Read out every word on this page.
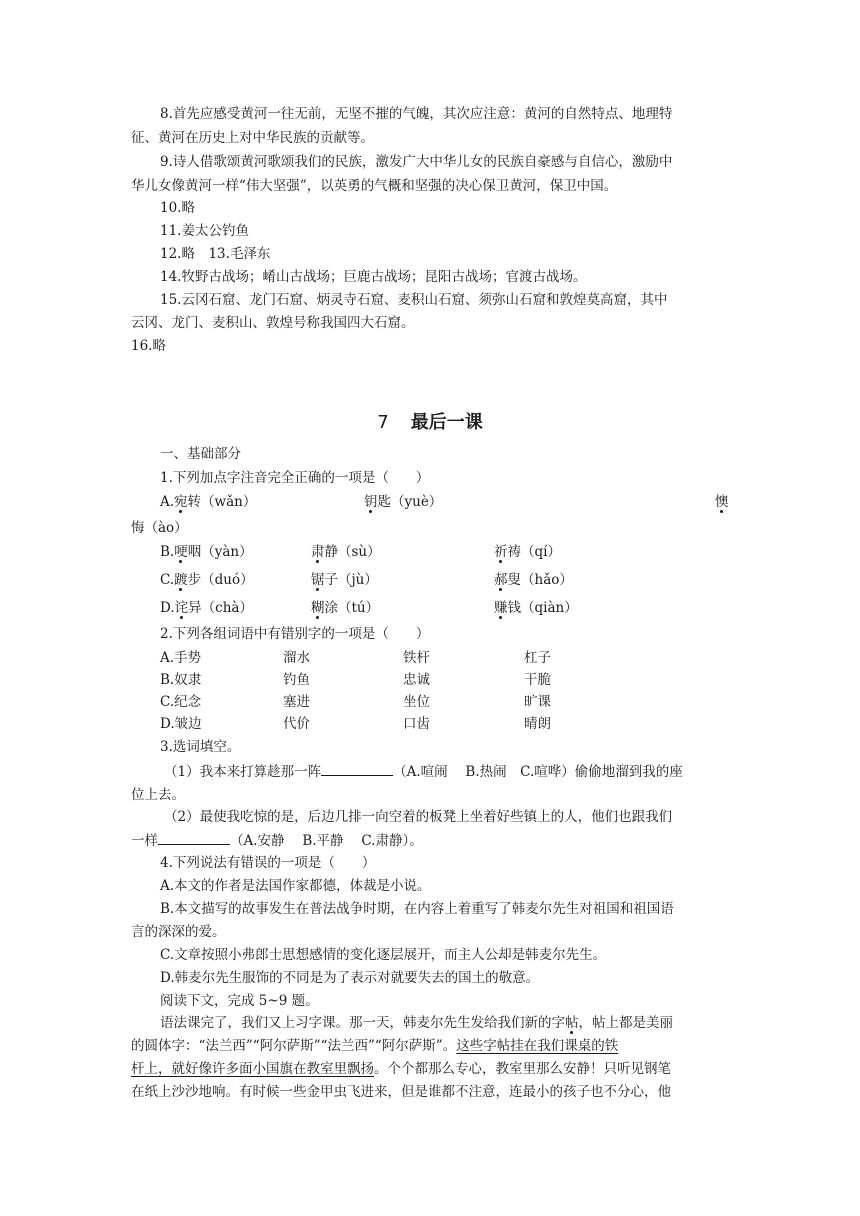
8.首先应感受黄河一往无前，无坚不摧的气魄，其次应注意：黄河的自然特点、地理特
征、黄河在历史上对中华民族的贡献等。
9.诗人借歌颂黄河歌颂我们的民族，激发广大中华儿女的民族自豪感与自信心，激励中
华儿女像黄河一样“伟大坚强”，以英勇的气概和坚强的决心保卫黄河，保卫中国。
10.略
11.姜太公钓鱼
12.略　13.毛泽东
14.牧野古战场；崤山古战场；巨鹿古战场；昆阳古战场；官渡古战场。
15.云冈石窟、龙门石窟、炳灵寺石窟、麦积山石窟、须弥山石窟和敦煌莫高窟，其中
云冈、龙门、麦积山、敦煌号称我国四大石窟。
16.略
7 最后一课
一、基础部分
1.下列加点字注音完全正确的一项是（　　）
A.宛转（wǎn）	钥匙（yuè）	懊
悔（ào）
B.哽咽（yàn）	肃静（sù）	祈祷（qí）
C.踱步（duó）	锯子（jù）	郝叟（hǎo）
D.诧异（chà）	糊涂（tú）	赚钱（qiàn）
2.下列各组词语中有错别字的一项是（　　）
A.手势	溜水	铁杆	杠子
B.奴隶	钓鱼	忠诚	干脆
C.纪念	塞进	坐位	旷课
D.皱边	代价	口齿	晴朗
3.选词填空。
（1）我本来打算趁那一阵	（A.喧闹　 B.热闹　C.喧哗）偷偷地溜到我的座
位上去。
（2）最使我吃惊的是，后边几排一向空着的板凳上坐着好些镇上的人，他们也跟我们
一样	（A.安静　 B.平静　 C.肃静）。
4.下列说法有错误的一项是（　　）
A.本文的作者是法国作家都德，体裁是小说。
B.本文描写的故事发生在普法战争时期，在内容上着重写了韩麦尔先生对祖国和祖国语
言的深深的爱。
C.文章按照小弗郎士思想感情的变化逐层展开，而主人公却是韩麦尔先生。
D.韩麦尔先生服饰的不同是为了表示对就要失去的国土的敬意。
阅读下文，完成 5~9 题。
语法课完了，我们又上习字课。那一天，韩麦尔先生发给我们新的字帖，帖上都是美丽
的圆体字：“法兰西”“阿尔萨斯”“法兰西”“阿尔萨斯”。这些字帖挂在我们课桌的铁
杆上，就好像许多面小国旗在教室里飘扬。个个都那么专心，教室里那么安静！只听见钢笔
在纸上沙沙地响。有时候一些金甲虫飞进来，但是谁都不注意，连最小的孩子也不分心，他
